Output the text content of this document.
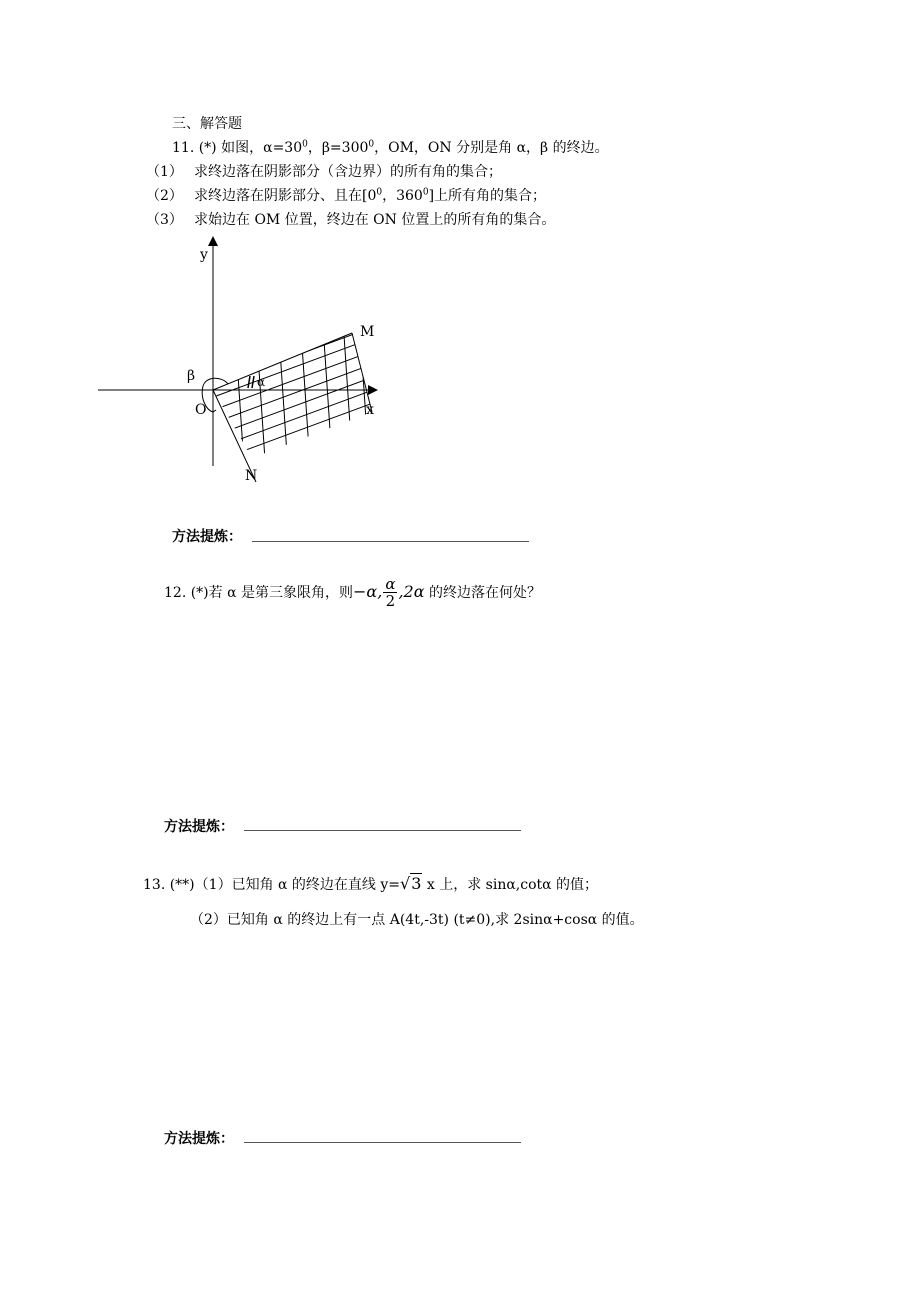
三、解答题
11. (*) 如图，$\alpha=30^0$，$\beta=300^0$，OM，ON 分别是角 α，β 的终边。
（1） 求终边落在阴影部分（含边界）的所有角的集合；
（2） 求终边落在阴影部分、且在[$0^0$，$360^0$]上所有角的集合；
（3） 求始边在 OM 位置，终边在 ON 位置上的所有角的集合。
y
x
O
M
N
β	α
方法提炼：
12. (*)若 α 是第三象限角，则−α, $\frac{\alpha}{2} ,2\alpha$ 的终边落在何处？
方法提炼：
13. (**)（1）已知角 α 的终边在直线 y=√3 x 上，求 sinα,cotα 的值；
（2）已知角 α 的终边上有一点 A(4t,-3t) (t≠0),求 2sinα+cosα 的值。
方法提炼：
